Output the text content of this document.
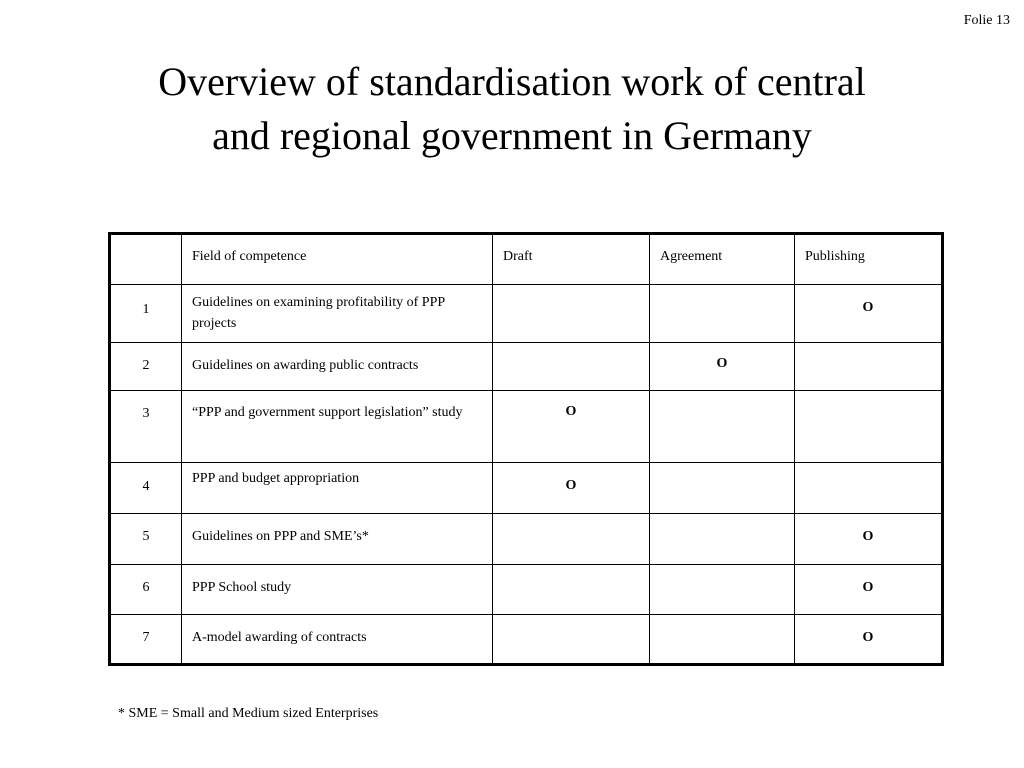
Folie 13
Overview of standardisation work of central
and regional government in Germany
	Field of competence	Draft	Agreement	Publishing
1	Guidelines on examining profitability of PPP projects			O
2	Guidelines on awarding public contracts		O	
3	“PPP and government support legislation” study	O		
4	PPP and budget appropriation	O		
5	Guidelines on PPP and SME’s*			O
6	PPP School study			O
7	A-model awarding of contracts			O
* SME = Small and Medium sized Enterprises
